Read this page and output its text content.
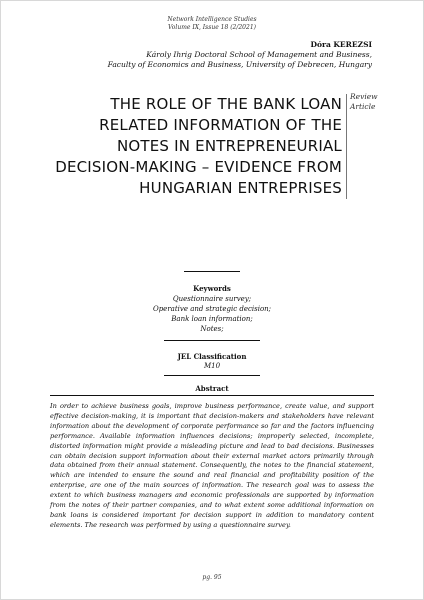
Network Intelligence Studies
Volume IX, Issue 18 (2/2021)
Dóra KEREZSI
Károly Ihrig Doctoral School of Management and Business,
Faculty of Economics and Business, University of Debrecen, Hungary
THE ROLE OF THE BANK LOAN
RELATED INFORMATION OF THE
NOTES IN ENTREPRENEURIAL
DECISION-MAKING – EVIDENCE FROM
HUNGARIAN ENTREPRISES
Review
Article
Keywords
Questionnaire survey;
Operative and strategic decision;
Bank loan information;
Notes;
JEL Classification
M10
Abstract
In order to achieve business goals, improve business performance, create value, and support effective decision-making, it is important that decision-makers and stakeholders have relevant information about the development of corporate performance so far and the factors influencing performance. Available information influences decisions; improperly selected, incomplete, distorted information might provide a misleading picture and lead to bad decisions. Businesses can obtain decision support information about their external market actors primarily through data obtained from their annual statement. Consequently, the notes to the financial statement, which are intended to ensure the sound and real financial and profitability position of the enterprise, are one of the main sources of information. The research goal was to assess the extent to which business managers and economic professionals are supported by information from the notes of their partner companies, and to what extent some additional information on bank loans is considered important for decision support in addition to mandatory content elements. The research was performed by using a questionnaire survey.
pg. 95
